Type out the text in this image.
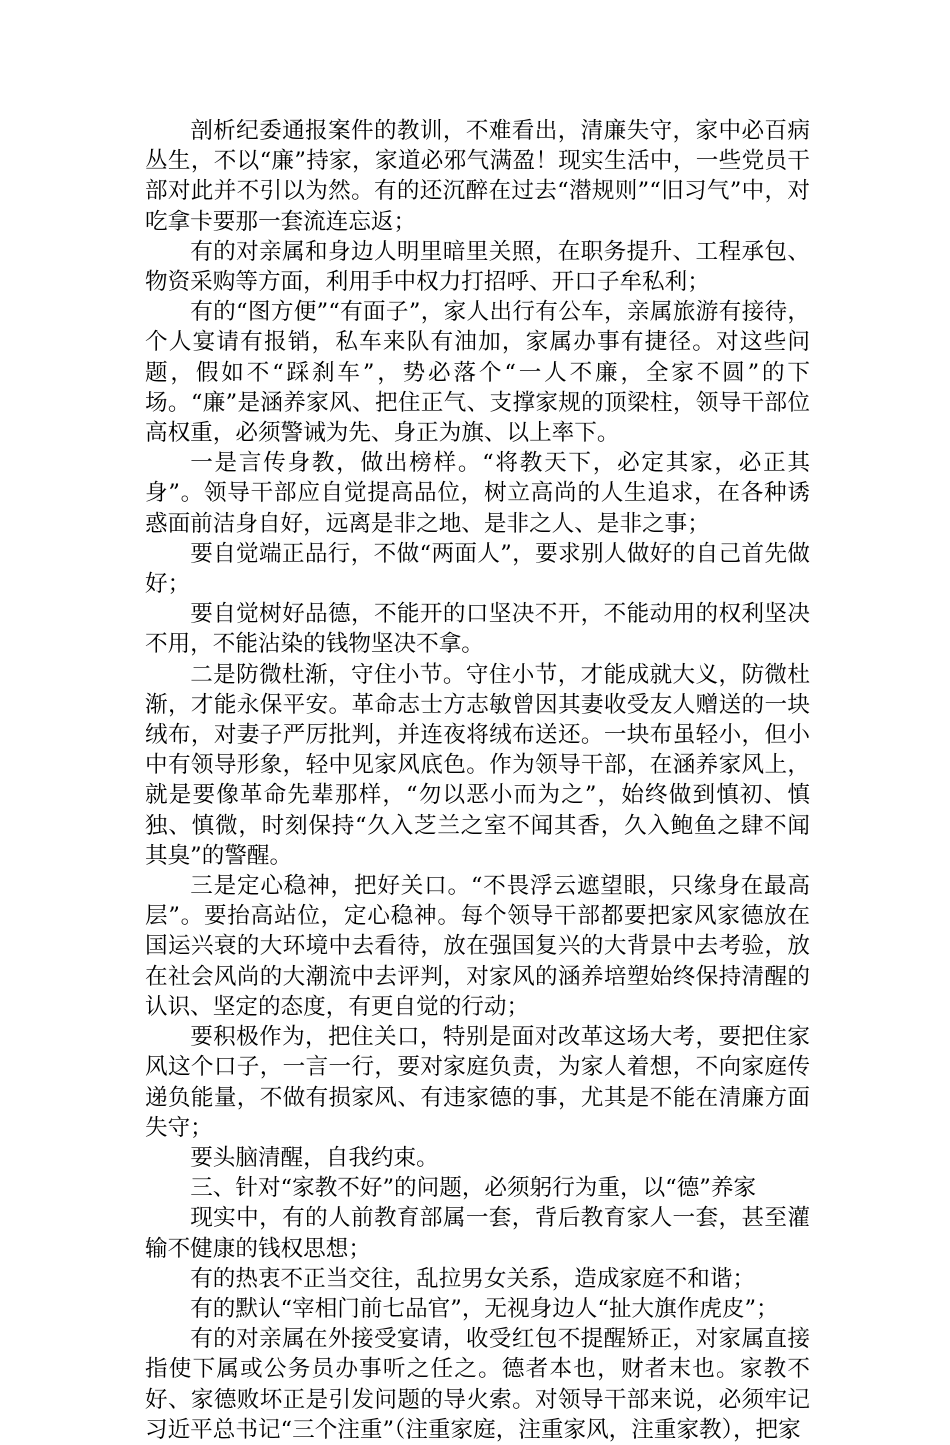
剖析纪委通报案件的教训，不难看出，清廉失守，家中必百病丛生，不以“廉”持家，家道必邪气满盈！现实生活中，一些党员干部对此并不引以为然。有的还沉醉在过去“潜规则”“旧习气”中，对吃拿卡要那一套流连忘返；

有的对亲属和身边人明里暗里关照，在职务提升、工程承包、物资采购等方面，利用手中权力打招呼、开口子牟私利；

有的“图方便”“有面子”，家人出行有公车，亲属旅游有接待，个人宴请有报销，私车来队有油加，家属办事有捷径。对这些问题，假如不“踩刹车”，势必落个“一人不廉，全家不圆”的下场。“廉”是涵养家风、把住正气、支撑家规的顶梁柱，领导干部位高权重，必须警诫为先、身正为旗、以上率下。

一是言传身教，做出榜样。“将教天下，必定其家，必正其身”。领导干部应自觉提高品位，树立高尚的人生追求，在各种诱惑面前洁身自好，远离是非之地、是非之人、是非之事；

要自觉端正品行，不做“两面人”，要求别人做好的自己首先做好；

要自觉树好品德，不能开的口坚决不开，不能动用的权利坚决不用，不能沾染的钱物坚决不拿。

二是防微杜渐，守住小节。守住小节，才能成就大义，防微杜渐，才能永保平安。革命志士方志敏曾因其妻收受友人赠送的一块绒布，对妻子严厉批判，并连夜将绒布送还。一块布虽轻小，但小中有领导形象，轻中见家风底色。作为领导干部，在涵养家风上，就是要像革命先辈那样，“勿以恶小而为之”，始终做到慎初、慎独、慎微，时刻保持“久入芝兰之室不闻其香，久入鲍鱼之肆不闻其臭”的警醒。

三是定心稳神，把好关口。“不畏浮云遮望眼，只缘身在最高层”。要抬高站位，定心稳神。每个领导干部都要把家风家德放在国运兴衰的大环境中去看待，放在强国复兴的大背景中去考验，放在社会风尚的大潮流中去评判，对家风的涵养培塑始终保持清醒的认识、坚定的态度，有更自觉的行动；

要积极作为，把住关口，特别是面对改革这场大考，要把住家风这个口子，一言一行，要对家庭负责，为家人着想，不向家庭传递负能量，不做有损家风、有违家德的事，尤其是不能在清廉方面失守；

要头脑清醒，自我约束。

三、针对“家教不好”的问题，必须躬行为重，以“德”养家

现实中，有的人前教育部属一套，背后教育家人一套，甚至灌输不健康的钱权思想；

有的热衷不正当交往，乱拉男女关系，造成家庭不和谐；

有的默认“宰相门前七品官”，无视身边人“扯大旗作虎皮”；

有的对亲属在外接受宴请，收受红包不提醒矫正，对家属直接指使下属或公务员办事听之任之。德者本也，财者末也。家教不好、家德败坏正是引发问题的导火索。对领导干部来说，必须牢记习近平总书记“三个注重”（注重家庭，注重家风，注重家教），把家
